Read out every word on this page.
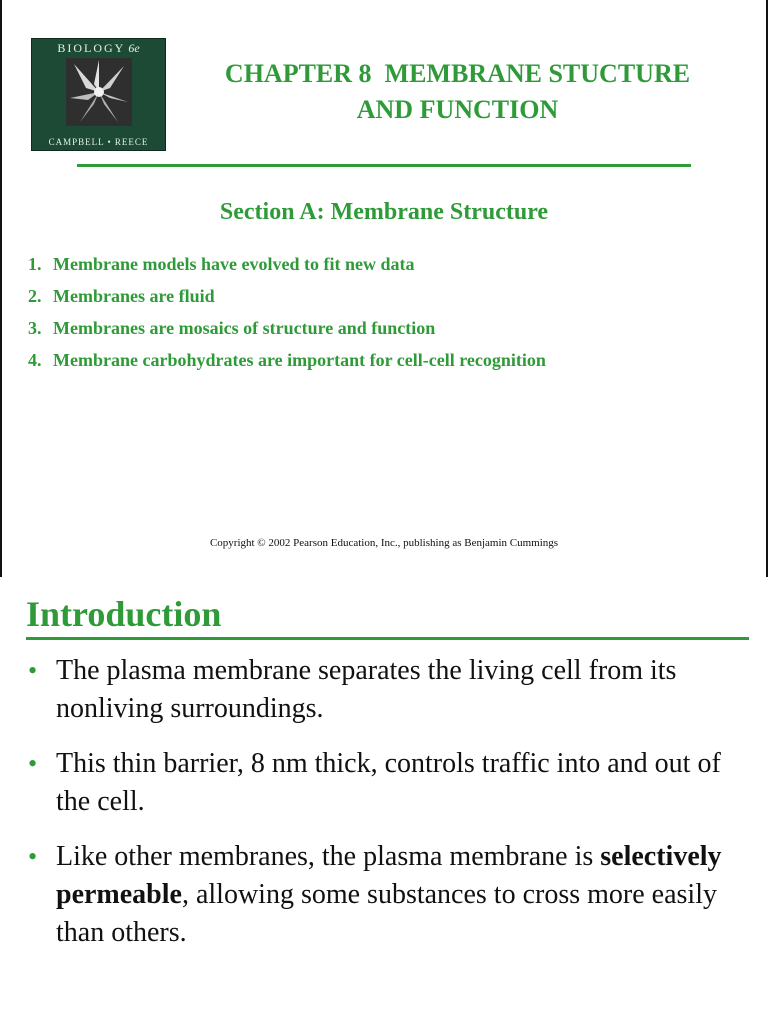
BIOLOGY 6e
CAMPBELL • REECE
CHAPTER 8  MEMBRANE STUCTURE
AND FUNCTION
Section A: Membrane Structure
1. Membrane models have evolved to fit new data
2. Membranes are fluid
3. Membranes are mosaics of structure and function
4. Membrane carbohydrates are important for cell-cell recognition
Copyright © 2002 Pearson Education, Inc., publishing as Benjamin Cummings
Introduction
• The plasma membrane separates the living cell from its nonliving surroundings.
• This thin barrier, 8 nm thick, controls traffic into and out of the cell.
• Like other membranes, the plasma membrane is selectively permeable, allowing some substances to cross more easily than others.
